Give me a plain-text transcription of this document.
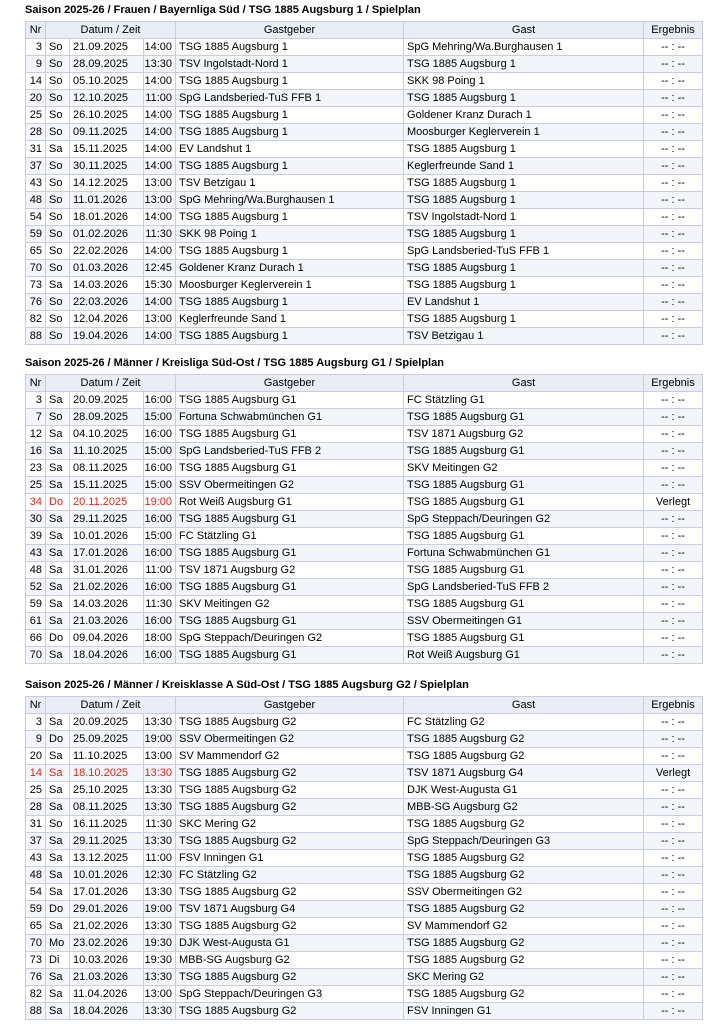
Saison 2025-26 / Frauen / Bayernliga Süd / TSG 1885 Augsburg 1 / Spielplan
Nr	Datum / Zeit			Gastgeber	Gast	Ergebnis
3	So	21.09.2025	14:00	TSG 1885 Augsburg 1	SpG Mehring/Wa.Burghausen 1	-- : --
9	So	28.09.2025	13:30	TSV Ingolstadt-Nord 1	TSG 1885 Augsburg 1	-- : --
14	So	05.10.2025	14:00	TSG 1885 Augsburg 1	SKK 98 Poing 1	-- : --
20	So	12.10.2025	11:00	SpG Landsberied-TuS FFB 1	TSG 1885 Augsburg 1	-- : --
25	So	26.10.2025	14:00	TSG 1885 Augsburg 1	Goldener Kranz Durach 1	-- : --
28	So	09.11.2025	14:00	TSG 1885 Augsburg 1	Moosburger Keglerverein 1	-- : --
31	Sa	15.11.2025	14:00	EV Landshut 1	TSG 1885 Augsburg 1	-- : --
37	So	30.11.2025	14:00	TSG 1885 Augsburg 1	Keglerfreunde Sand 1	-- : --
43	So	14.12.2025	13:00	TSV Betzigau 1	TSG 1885 Augsburg 1	-- : --
48	So	11.01.2026	13:00	SpG Mehring/Wa.Burghausen 1	TSG 1885 Augsburg 1	-- : --
54	So	18.01.2026	14:00	TSG 1885 Augsburg 1	TSV Ingolstadt-Nord 1	-- : --
59	So	01.02.2026	11:30	SKK 98 Poing 1	TSG 1885 Augsburg 1	-- : --
65	So	22.02.2026	14:00	TSG 1885 Augsburg 1	SpG Landsberied-TuS FFB 1	-- : --
70	So	01.03.2026	12:45	Goldener Kranz Durach 1	TSG 1885 Augsburg 1	-- : --
73	Sa	14.03.2026	15:30	Moosburger Keglerverein 1	TSG 1885 Augsburg 1	-- : --
76	So	22.03.2026	14:00	TSG 1885 Augsburg 1	EV Landshut 1	-- : --
82	So	12.04.2026	13:00	Keglerfreunde Sand 1	TSG 1885 Augsburg 1	-- : --
88	So	19.04.2026	14:00	TSG 1885 Augsburg 1	TSV Betzigau 1	-- : --
Saison 2025-26 / Männer / Kreisliga Süd-Ost / TSG 1885 Augsburg G1 / Spielplan
Nr	Datum / Zeit			Gastgeber	Gast	Ergebnis
3	Sa	20.09.2025	16:00	TSG 1885 Augsburg G1	FC Stätzling G1	-- : --
7	So	28.09.2025	15:00	Fortuna Schwabmünchen G1	TSG 1885 Augsburg G1	-- : --
12	Sa	04.10.2025	16:00	TSG 1885 Augsburg G1	TSV 1871 Augsburg G2	-- : --
16	Sa	11.10.2025	15:00	SpG Landsberied-TuS FFB 2	TSG 1885 Augsburg G1	-- : --
23	Sa	08.11.2025	16:00	TSG 1885 Augsburg G1	SKV Meitingen G2	-- : --
25	Sa	15.11.2025	15:00	SSV Obermeitingen G2	TSG 1885 Augsburg G1	-- : --
34	Do	20.11.2025	19:00	Rot Weiß Augsburg G1	TSG 1885 Augsburg G1	Verlegt
30	Sa	29.11.2025	16:00	TSG 1885 Augsburg G1	SpG Steppach/Deuringen G2	-- : --
39	Sa	10.01.2026	15:00	FC Stätzling G1	TSG 1885 Augsburg G1	-- : --
43	Sa	17.01.2026	16:00	TSG 1885 Augsburg G1	Fortuna Schwabmünchen G1	-- : --
48	Sa	31.01.2026	11:00	TSV 1871 Augsburg G2	TSG 1885 Augsburg G1	-- : --
52	Sa	21.02.2026	16:00	TSG 1885 Augsburg G1	SpG Landsberied-TuS FFB 2	-- : --
59	Sa	14.03.2026	11:30	SKV Meitingen G2	TSG 1885 Augsburg G1	-- : --
61	Sa	21.03.2026	16:00	TSG 1885 Augsburg G1	SSV Obermeitingen G1	-- : --
66	Do	09.04.2026	18:00	SpG Steppach/Deuringen G2	TSG 1885 Augsburg G1	-- : --
70	Sa	18.04.2026	16:00	TSG 1885 Augsburg G1	Rot Weiß Augsburg G1	-- : --
Saison 2025-26 / Männer / Kreisklasse A Süd-Ost / TSG 1885 Augsburg G2 / Spielplan
Nr	Datum / Zeit			Gastgeber	Gast	Ergebnis
3	Sa	20.09.2025	13:30	TSG 1885 Augsburg G2	FC Stätzling G2	-- : --
9	Do	25.09.2025	19:00	SSV Obermeitingen G2	TSG 1885 Augsburg G2	-- : --
20	Sa	11.10.2025	13:00	SV Mammendorf G2	TSG 1885 Augsburg G2	-- : --
14	Sa	18.10.2025	13:30	TSG 1885 Augsburg G2	TSV 1871 Augsburg G4	Verlegt
25	Sa	25.10.2025	13:30	TSG 1885 Augsburg G2	DJK West-Augusta G1	-- : --
28	Sa	08.11.2025	13:30	TSG 1885 Augsburg G2	MBB-SG Augsburg G2	-- : --
31	So	16.11.2025	11:30	SKC Mering G2	TSG 1885 Augsburg G2	-- : --
37	Sa	29.11.2025	13:30	TSG 1885 Augsburg G2	SpG Steppach/Deuringen G3	-- : --
43	Sa	13.12.2025	11:00	FSV Inningen G1	TSG 1885 Augsburg G2	-- : --
48	Sa	10.01.2026	12:30	FC Stätzling G2	TSG 1885 Augsburg G2	-- : --
54	Sa	17.01.2026	13:30	TSG 1885 Augsburg G2	SSV Obermeitingen G2	-- : --
59	Do	29.01.2026	19:00	TSV 1871 Augsburg G4	TSG 1885 Augsburg G2	-- : --
65	Sa	21.02.2026	13:30	TSG 1885 Augsburg G2	SV Mammendorf G2	-- : --
70	Mo	23.02.2026	19:30	DJK West-Augusta G1	TSG 1885 Augsburg G2	-- : --
73	Di	10.03.2026	19:30	MBB-SG Augsburg G2	TSG 1885 Augsburg G2	-- : --
76	Sa	21.03.2026	13:30	TSG 1885 Augsburg G2	SKC Mering G2	-- : --
82	Sa	11.04.2026	13:00	SpG Steppach/Deuringen G3	TSG 1885 Augsburg G2	-- : --
88	Sa	18.04.2026	13:30	TSG 1885 Augsburg G2	FSV Inningen G1	-- : --
